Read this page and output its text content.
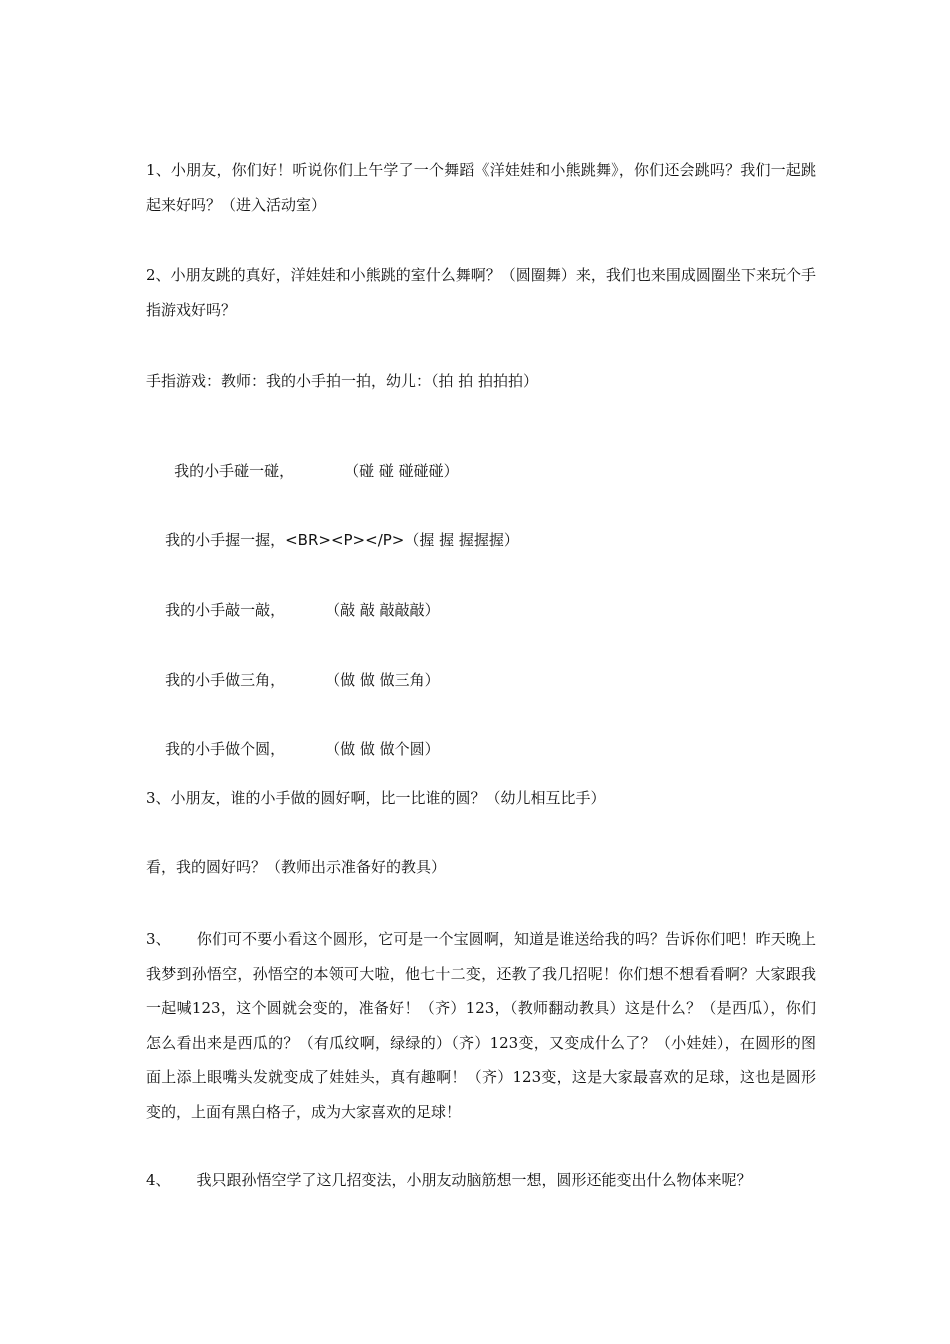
1、小朋友，你们好！听说你们上午学了一个舞蹈《洋娃娃和小熊跳舞》，你们还会跳吗？我们一起跳起来好吗？（进入活动室）
2、小朋友跳的真好，洋娃娃和小熊跳的室什么舞啊？（圆圈舞）来，我们也来围成圆圈坐下来玩个手指游戏好吗？
手指游戏：教师：我的小手拍一拍，幼儿：（拍 拍 拍拍拍）

我的小手碰一碰，	（碰 碰 碰碰碰）

我的小手握一握，<BR><P></P>（握 握 握握握）

我的小手敲一敲，	（敲 敲 敲敲敲）

我的小手做三角，	（做 做 做三角）

我的小手做个圆，	（做 做 做个圆）

3、小朋友，谁的小手做的圆好啊，比一比谁的圆？（幼儿相互比手）
看，我的圆好吗？（教师出示准备好的教具）
3、 你们可不要小看这个圆形，它可是一个宝圆啊，知道是谁送给我的吗？告诉你们吧！昨天晚上我梦到孙悟空，孙悟空的本领可大啦，他七十二变，还教了我几招呢！你们想不想看看啊？大家跟我一起喊123，这个圆就会变的，准备好！（齐）123，（教师翻动教具）这是什么？（是西瓜），你们怎么看出来是西瓜的？（有瓜纹啊，绿绿的）（齐）123变，又变成什么了？（小娃娃），在圆形的图面上添上眼嘴头发就变成了娃娃头，真有趣啊！（齐）123变，这是大家最喜欢的足球，这也是圆形变的，上面有黑白格子，成为大家喜欢的足球！
4、 我只跟孙悟空学了这几招变法，小朋友动脑筋想一想，圆形还能变出什么物体来呢？
